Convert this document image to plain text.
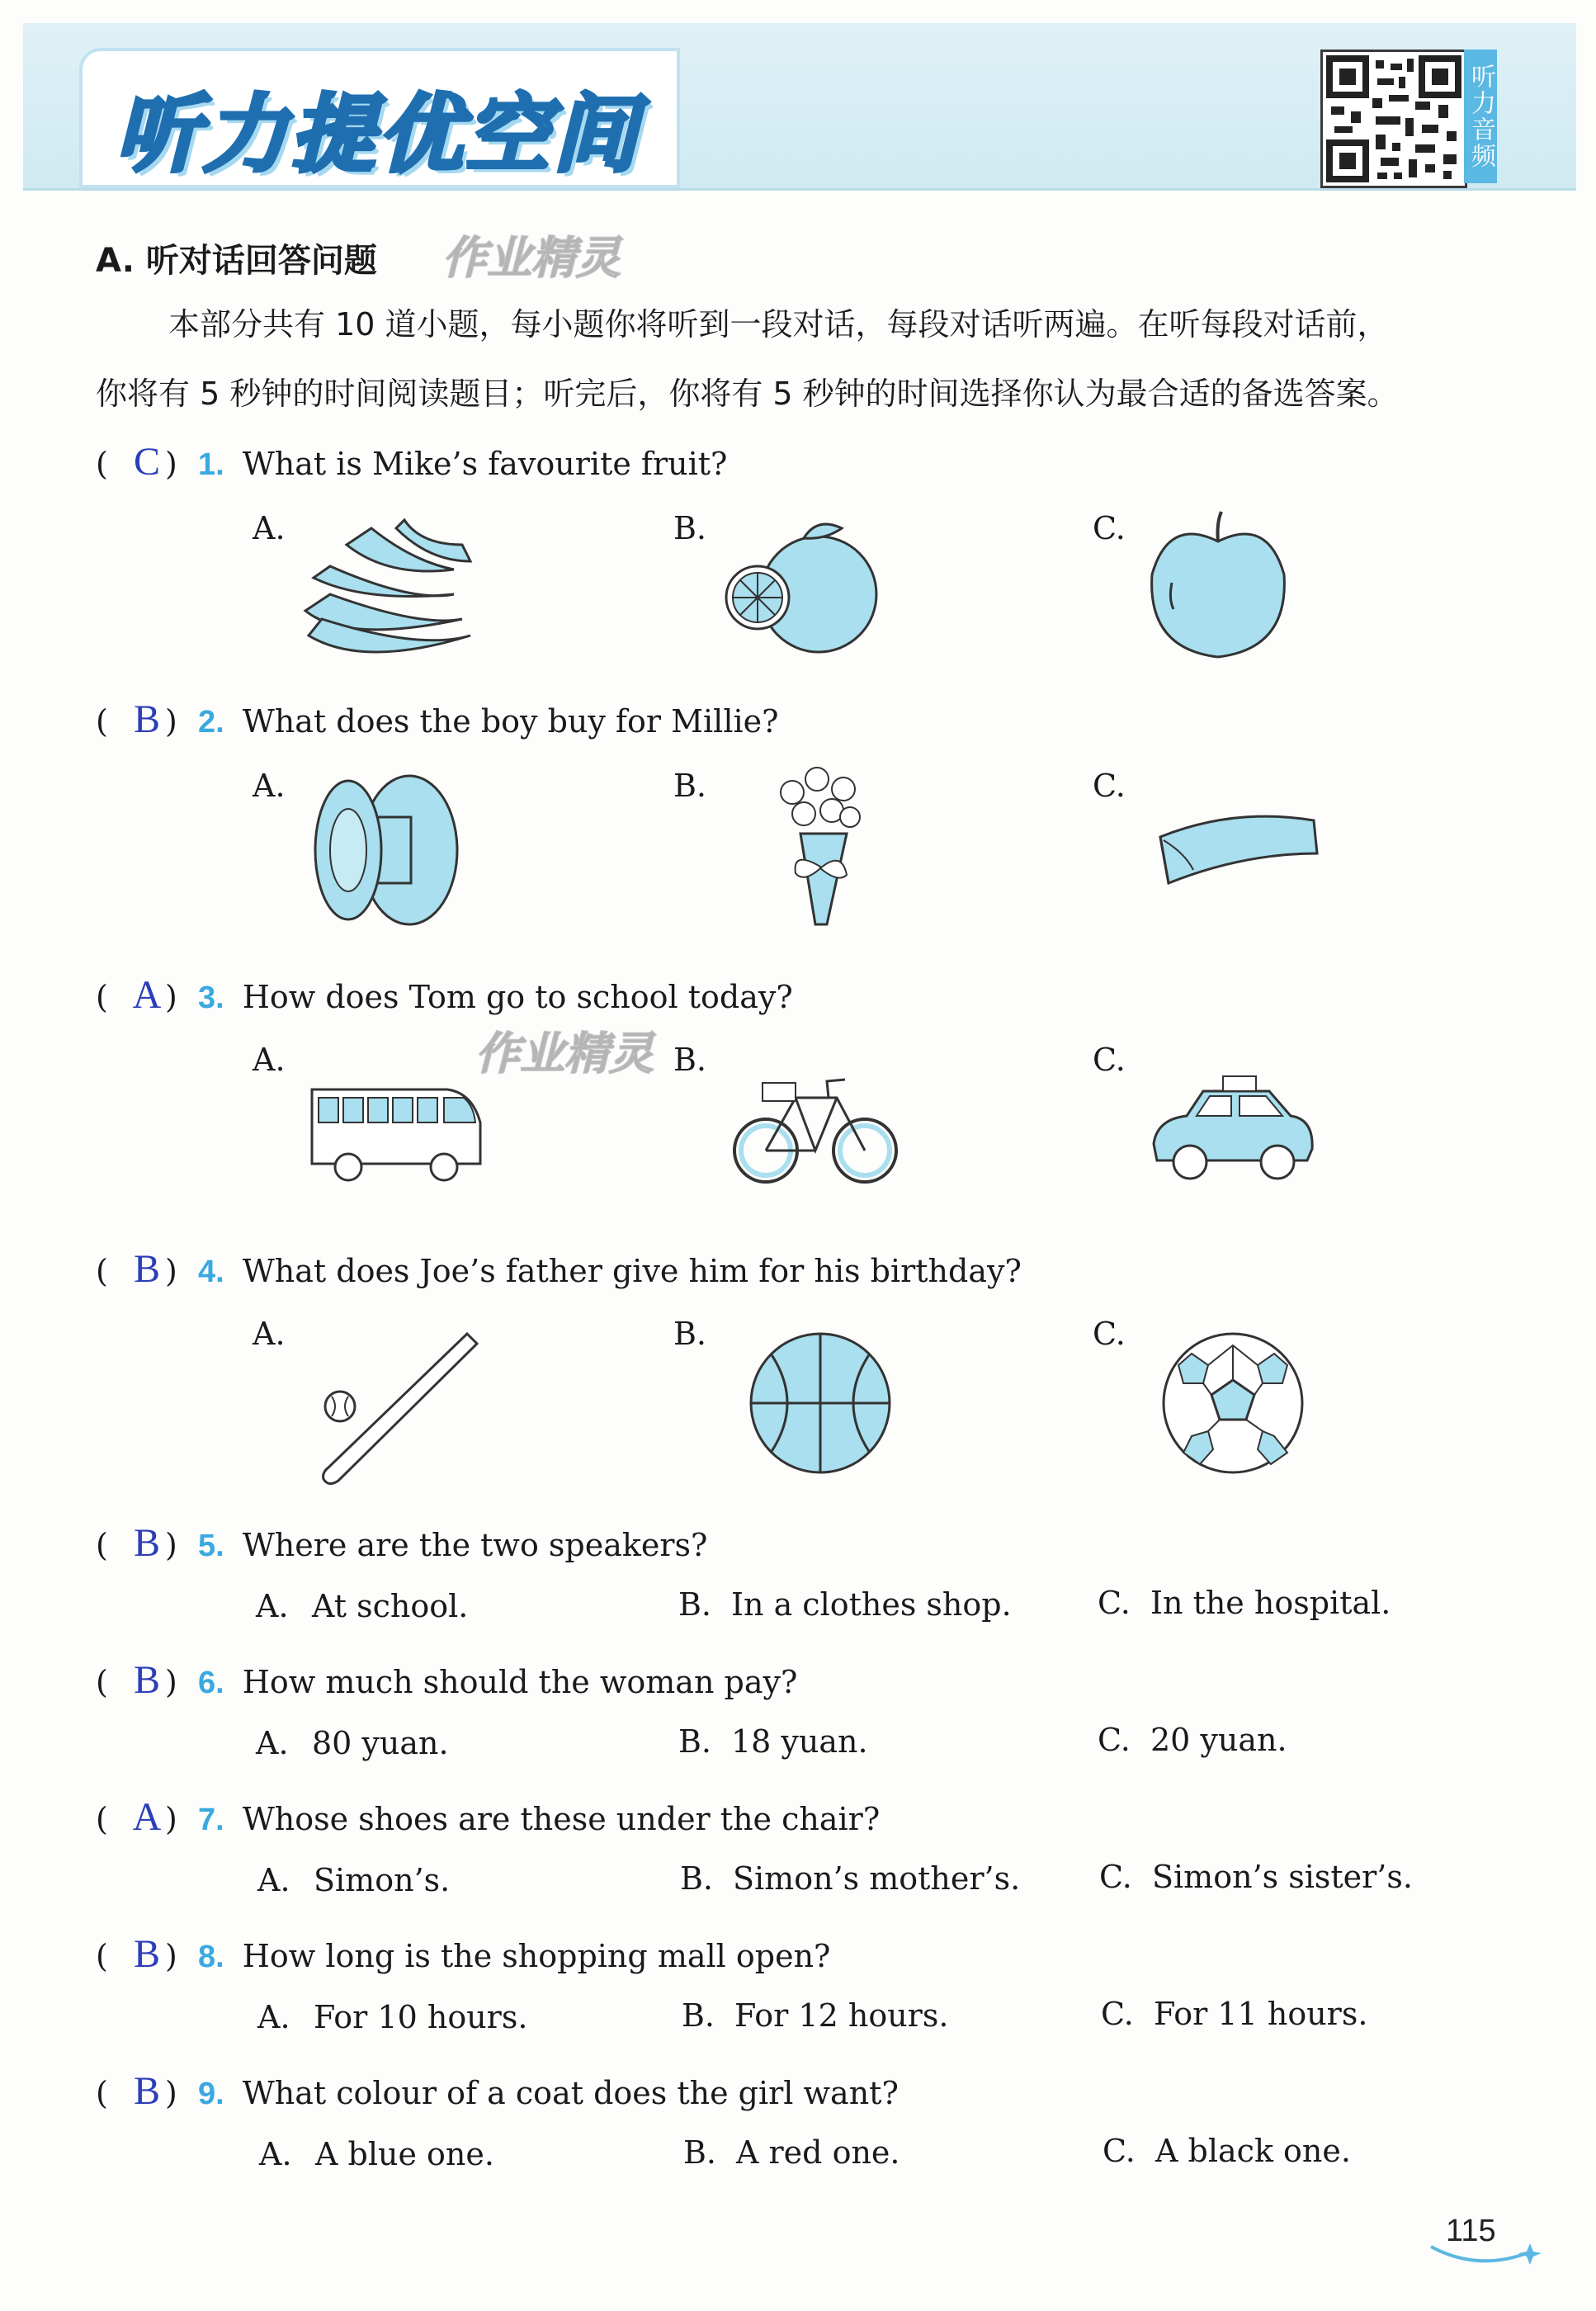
听力提优空间	听力音频
A. 听对话回答问题 作业精灵
作业精灵
本部分共有 10 道小题，每小题你将听到一段对话，每段对话听两遍。在听每段对话前，
你将有 5 秒钟的时间阅读题目；听完后，你将有 5 秒钟的时间选择你认为最合适的备选答案。
( C ) 1. What is Mike’s favourite fruit?
A.	B.	C.
( B ) 2. What does the boy buy for Millie?
A.	B.	C.
( A ) 3. How does Tom go to school today?
A.	B.	C.
( B ) 4. What does Joe’s father give him for his birthday?
A.	B.	C.
( B ) 5. Where are the two speakers?
A. At school.	B. In a clothes shop.	C. In the hospital.
( B ) 6. How much should the woman pay?
A. 80 yuan.	B. 18 yuan.	C. 20 yuan.
( A ) 7. Whose shoes are these under the chair?
A. Simon’s.	B. Simon’s mother’s.	C. Simon’s sister’s.
( B ) 8. How long is the shopping mall open?
A. For 10 hours.	B. For 12 hours.	C. For 11 hours.
( B ) 9. What colour of a coat does the girl want?
A. A blue one.	B. A red one.	C. A black one.
115
